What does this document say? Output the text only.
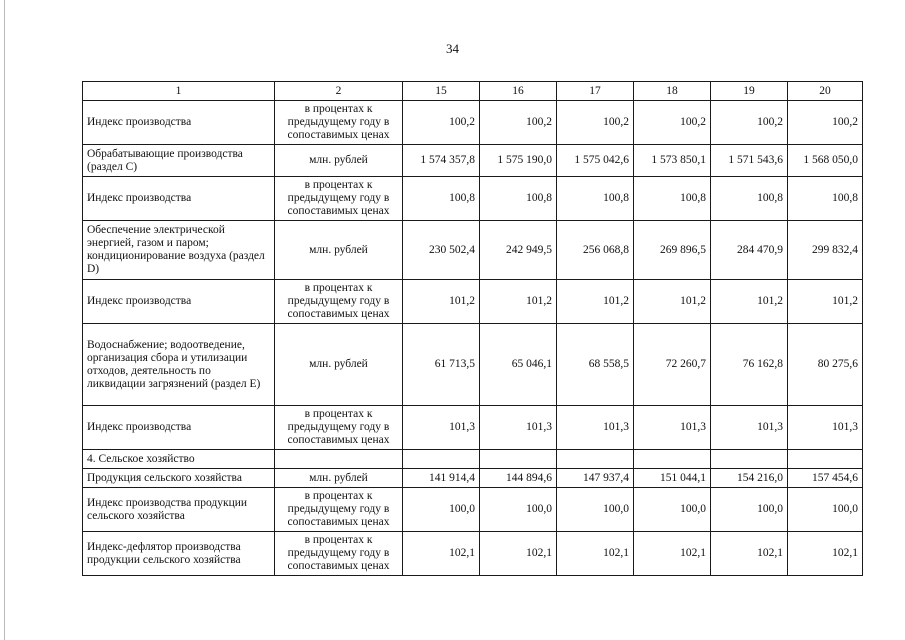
34
1	2	15	16	17	18	19	20
Индекс производства	в процентах к предыдущему году в сопоставимых ценах	100,2	100,2	100,2	100,2	100,2	100,2
Обрабатывающие производства (раздел С)	млн. рублей	1 574 357,8	1 575 190,0	1 575 042,6	1 573 850,1	1 571 543,6	1 568 050,0
Индекс производства	в процентах к предыдущему году в сопоставимых ценах	100,8	100,8	100,8	100,8	100,8	100,8
Обеспечение электрической энергией, газом и паром; кондиционирование воздуха (раздел D)	млн. рублей	230 502,4	242 949,5	256 068,8	269 896,5	284 470,9	299 832,4
Индекс производства	в процентах к предыдущему году в сопоставимых ценах	101,2	101,2	101,2	101,2	101,2	101,2
Водоснабжение; водоотведение, организация сбора и утилизации отходов, деятельность по ликвидации загрязнений (раздел Е)	млн. рублей	61 713,5	65 046,1	68 558,5	72 260,7	76 162,8	80 275,6
Индекс производства	в процентах к предыдущему году в сопоставимых ценах	101,3	101,3	101,3	101,3	101,3	101,3
4. Сельское хозяйство							
Продукция сельского хозяйства	млн. рублей	141 914,4	144 894,6	147 937,4	151 044,1	154 216,0	157 454,6
Индекс производства продукции сельского хозяйства	в процентах к предыдущему году в сопоставимых ценах	100,0	100,0	100,0	100,0	100,0	100,0
Индекс-дефлятор производства продукции сельского хозяйства	в процентах к предыдущему году в сопоставимых ценах	102,1	102,1	102,1	102,1	102,1	102,1
